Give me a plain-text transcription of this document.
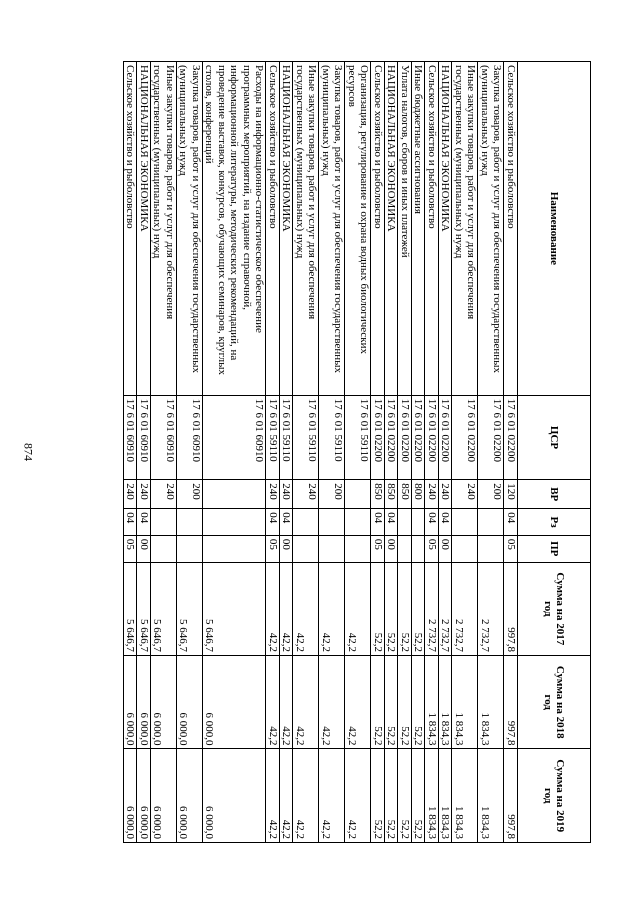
874
Наименование	ЦСР	ВР	Рз	ПР	Сумма на 2017 год	Сумма на 2018 год	Сумма на 2019 год
Сельское хозяйство и рыболовство	17 6 01 02200	120	04	05	997,8	997,8	997,8
Закупка товаров, работ и услуг для обеспечения государственных (муниципальных) нужд	17 6 01 02200	200			2 732,7	1 834,3	1 834,3
Иные закупки товаров, работ и услуг для обеспечения государственных (муниципальных) нужд	17 6 01 02200	240			2 732,7	1 834,3	1 834,3
НАЦИОНАЛЬНАЯ ЭКОНОМИКА	17 6 01 02200	240	04	00	2 732,7	1 834,3	1 834,3
Сельское хозяйство и рыболовство	17 6 01 02200	240	04	05	2 732,7	1 834,3	1 834,3
Иные бюджетные ассигнования	17 6 01 02200	800			52,2	52,2	52,2
Уплата налогов, сборов и иных платежей	17 6 01 02200	850			52,2	52,2	52,2
НАЦИОНАЛЬНАЯ ЭКОНОМИКА	17 6 01 02200	850	04	00	52,2	52,2	52,2
Сельское хозяйство и рыболовство	17 6 01 02200	850	04	05	52,2	52,2	52,2
Организация, регулирование и охрана водных биологических ресурсов	17 6 01 59110				42,2	42,2	42,2
Закупка товаров, работ и услуг для обеспечения государственных (муниципальных) нужд	17 6 01 59110	200			42,2	42,2	42,2
Иные закупки товаров, работ и услуг для обеспечения государственных (муниципальных) нужд	17 6 01 59110	240			42,2	42,2	42,2
НАЦИОНАЛЬНАЯ ЭКОНОМИКА	17 6 01 59110	240	04	00	42,2	42,2	42,2
Сельское хозяйство и рыболовство	17 6 01 59110	240	04	05	42,2	42,2	42,2
Расходы на информационно-статистическое обеспечение программных мероприятий, на издание справочной, информационной литературы, методических рекомендаций, на проведение выставок, конкурсов, обучающих семинаров, круглых столов, конференций	17 6 01 60910				5 646,7	6 000,0	6 000,0
Закупка товаров, работ и услуг для обеспечения государственных (муниципальных) нужд	17 6 01 60910	200			5 646,7	6 000,0	6 000,0
Иные закупки товаров, работ и услуг для обеспечения государственных (муниципальных) нужд	17 6 01 60910	240			5 646,7	6 000,0	6 000,0
НАЦИОНАЛЬНАЯ ЭКОНОМИКА	17 6 01 60910	240	04	00	5 646,7	6 000,0	6 000,0
Сельское хозяйство и рыболовство	17 6 01 60910	240	04	05	5 646,7	6 000,0	6 000,0
